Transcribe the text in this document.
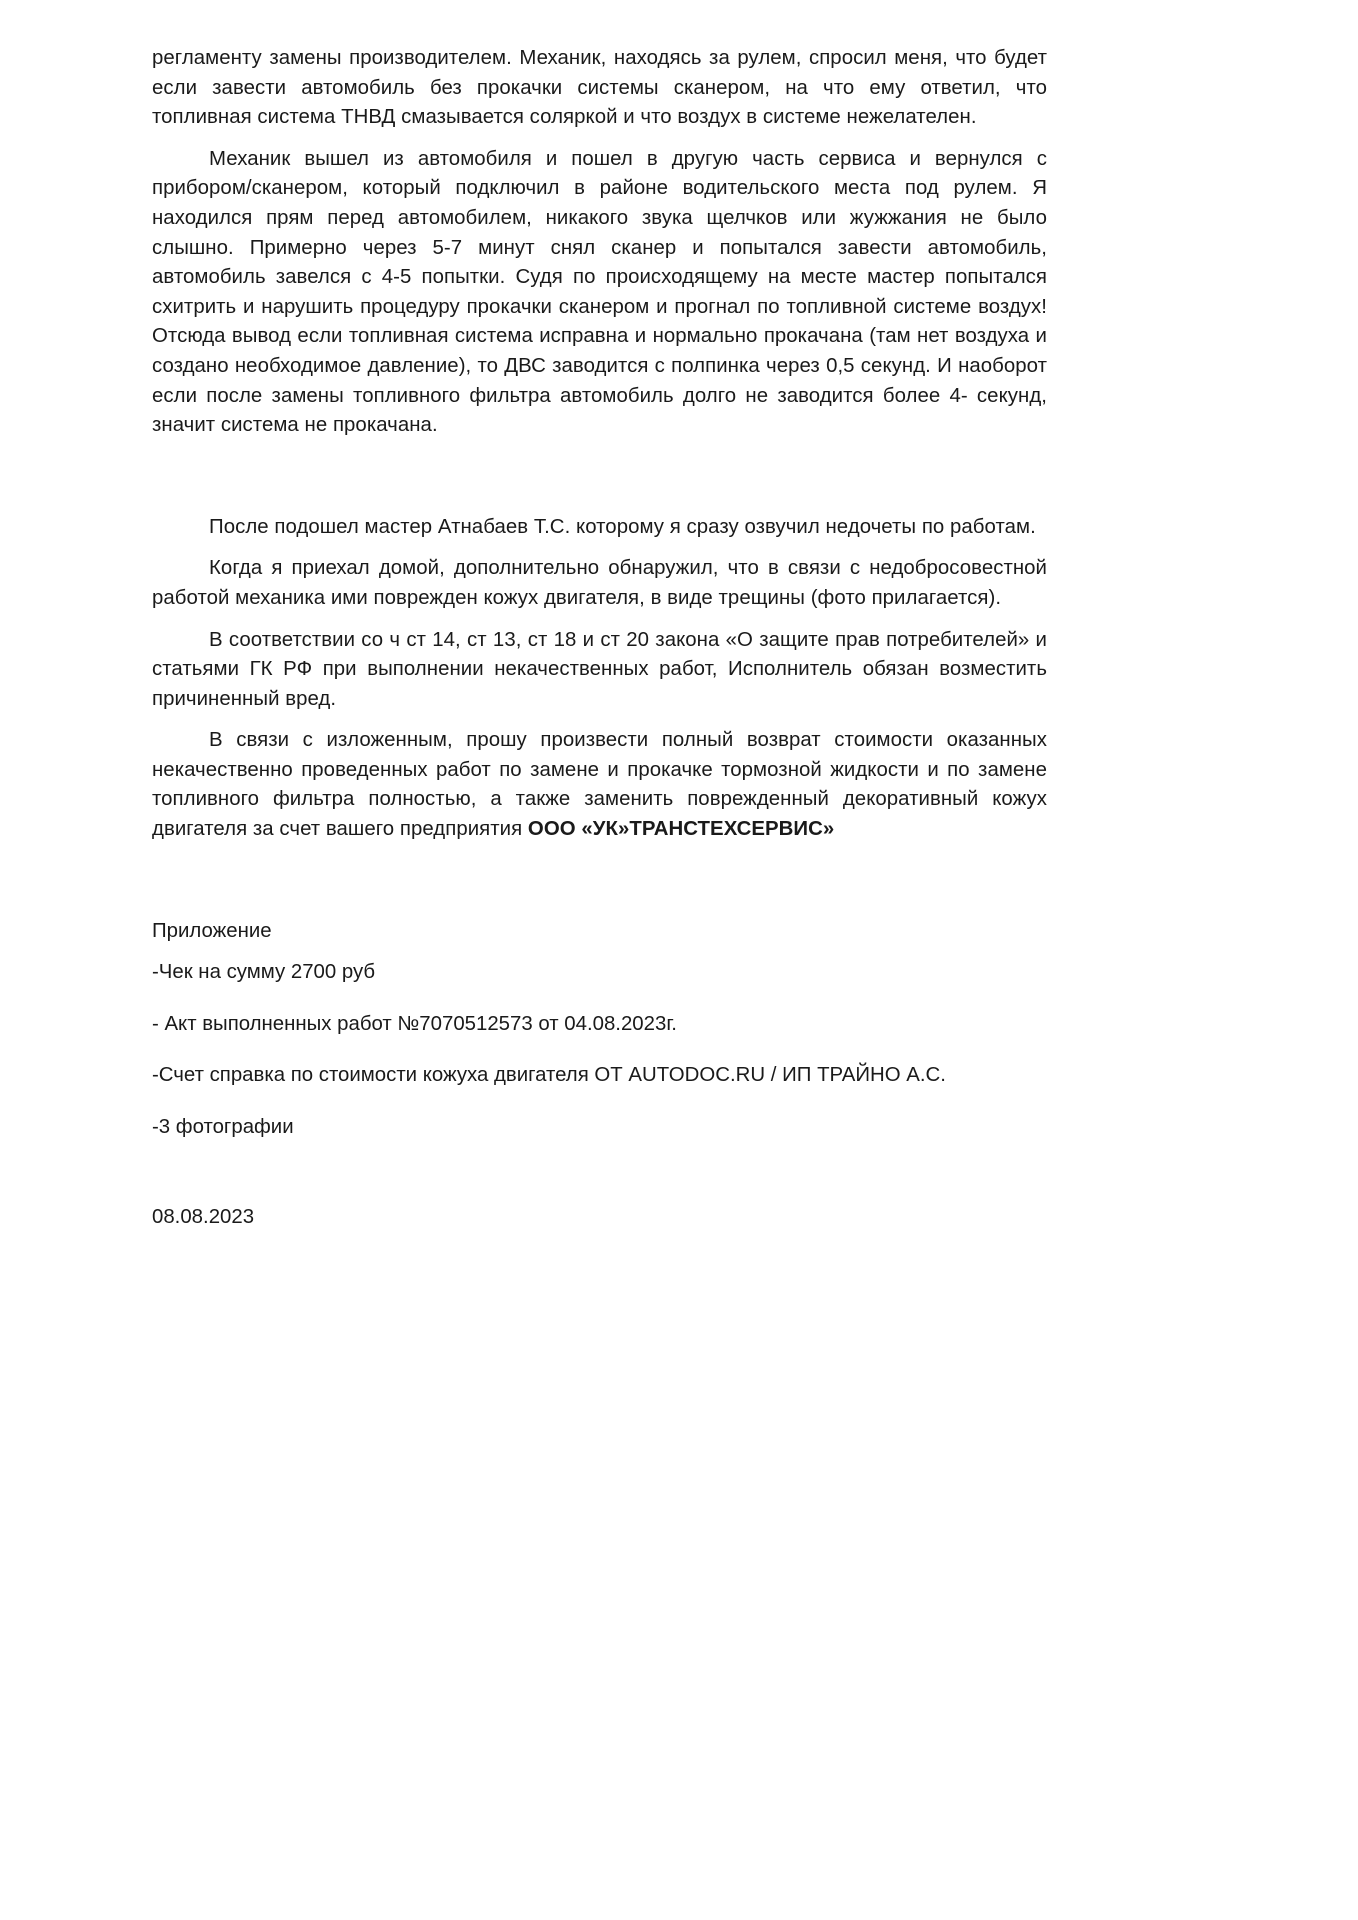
регламенту замены производителем. Механик, находясь за рулем, спросил меня, что будет если завести автомобиль без прокачки системы сканером, на что ему ответил, что топливная система ТНВД смазывается соляркой и что воздух в системе нежелателен.

Механик вышел из автомобиля и пошел в другую часть сервиса и вернулся с прибором/сканером, который подключил в районе водительского места под рулем. Я находился прям перед автомобилем, никакого звука щелчков или жужжания не было слышно. Примерно через 5-7 минут снял сканер и попытался завести автомобиль, автомобиль завелся с 4-5 попытки. Судя по происходящему на месте мастер попытался схитрить и нарушить процедуру прокачки сканером и прогнал по топливной системе воздух! Отсюда вывод если топливная система исправна и нормально прокачана (там нет воздуха и создано необходимое давление), то ДВС заводится с полпинка через 0,5 секунд. И наоборот если после замены топливного фильтра автомобиль долго не заводится более 4- секунд, значит система не прокачана.

После подошел мастер Атнабаев Т.С. которому я сразу озвучил недочеты по работам.

Когда я приехал домой, дополнительно обнаружил, что в связи с недобросовестной работой механика ими поврежден кожух двигателя, в виде трещины (фото прилагается).

В соответствии со ч ст 14, ст 13, ст 18 и ст 20 закона «О защите прав потребителей» и статьями ГК РФ при выполнении некачественных работ, Исполнитель обязан возместить причиненный вред.

В связи с изложенным, прошу произвести полный возврат стоимости оказанных некачественно проведенных работ по замене и прокачке тормозной жидкости и по замене топливного фильтра полностью, а также заменить поврежденный декоративный кожух двигателя за счет вашего предприятия ООО «УК»ТРАНСТЕХСЕРВИС»

Приложение

-Чек на сумму 2700 руб

- Акт выполненных работ №7070512573 от 04.08.2023г.

-Счет справка по стоимости кожуха двигателя ОТ AUTODOC.RU / ИП ТРАЙНО А.С.

-3 фотографии

08.08.2023
